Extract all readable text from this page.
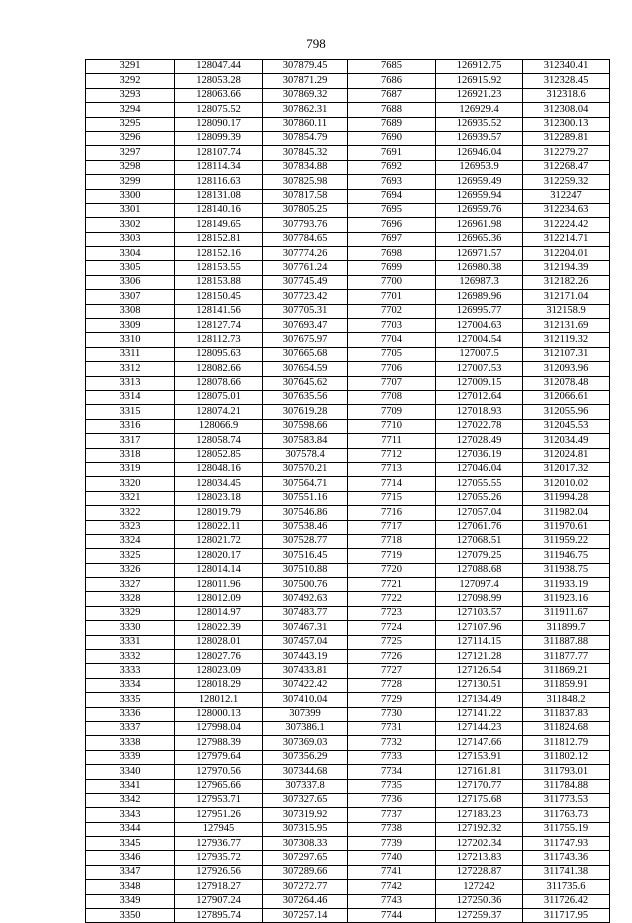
798
3291	128047.44	307879.45	7685	126912.75	312340.41
3292	128053.28	307871.29	7686	126915.92	312328.45
3293	128063.66	307869.32	7687	126921.23	312318.6
3294	128075.52	307862.31	7688	126929.4	312308.04
3295	128090.17	307860.11	7689	126935.52	312300.13
3296	128099.39	307854.79	7690	126939.57	312289.81
3297	128107.74	307845.32	7691	126946.04	312279.27
3298	128114.34	307834.88	7692	126953.9	312268.47
3299	128116.63	307825.98	7693	126959.49	312259.32
3300	128131.08	307817.58	7694	126959.94	312247
3301	128140.16	307805.25	7695	126959.76	312234.63
3302	128149.65	307793.76	7696	126961.98	312224.42
3303	128152.81	307784.65	7697	126965.36	312214.71
3304	128152.16	307774.26	7698	126971.57	312204.01
3305	128153.55	307761.24	7699	126980.38	312194.39
3306	128153.88	307745.49	7700	126987.3	312182.26
3307	128150.45	307723.42	7701	126989.96	312171.04
3308	128141.56	307705.31	7702	126995.77	312158.9
3309	128127.74	307693.47	7703	127004.63	312131.69
3310	128112.73	307675.97	7704	127004.54	312119.32
3311	128095.63	307665.68	7705	127007.5	312107.31
3312	128082.66	307654.59	7706	127007.53	312093.96
3313	128078.66	307645.62	7707	127009.15	312078.48
3314	128075.01	307635.56	7708	127012.64	312066.61
3315	128074.21	307619.28	7709	127018.93	312055.96
3316	128066.9	307598.66	7710	127022.78	312045.53
3317	128058.74	307583.84	7711	127028.49	312034.49
3318	128052.85	307578.4	7712	127036.19	312024.81
3319	128048.16	307570.21	7713	127046.04	312017.32
3320	128034.45	307564.71	7714	127055.55	312010.02
3321	128023.18	307551.16	7715	127055.26	311994.28
3322	128019.79	307546.86	7716	127057.04	311982.04
3323	128022.11	307538.46	7717	127061.76	311970.61
3324	128021.72	307528.77	7718	127068.51	311959.22
3325	128020.17	307516.45	7719	127079.25	311946.75
3326	128014.14	307510.88	7720	127088.68	311938.75
3327	128011.96	307500.76	7721	127097.4	311933.19
3328	128012.09	307492.63	7722	127098.99	311923.16
3329	128014.97	307483.77	7723	127103.57	311911.67
3330	128022.39	307467.31	7724	127107.96	311899.7
3331	128028.01	307457.04	7725	127114.15	311887.88
3332	128027.76	307443.19	7726	127121.28	311877.77
3333	128023.09	307433.81	7727	127126.54	311869.21
3334	128018.29	307422.42	7728	127130.51	311859.91
3335	128012.1	307410.04	7729	127134.49	311848.2
3336	128000.13	307399	7730	127141.22	311837.83
3337	127998.04	307386.1	7731	127144.23	311824.68
3338	127988.39	307369.03	7732	127147.66	311812.79
3339	127979.64	307356.29	7733	127153.91	311802.12
3340	127970.56	307344.68	7734	127161.81	311793.01
3341	127965.66	307337.8	7735	127170.77	311784.88
3342	127953.71	307327.65	7736	127175.68	311773.53
3343	127951.26	307319.92	7737	127183.23	311763.73
3344	127945	307315.95	7738	127192.32	311755.19
3345	127936.77	307308.33	7739	127202.34	311747.93
3346	127935.72	307297.65	7740	127213.83	311743.36
3347	127926.56	307289.66	7741	127228.87	311741.38
3348	127918.27	307272.77	7742	127242	311735.6
3349	127907.24	307264.46	7743	127250.36	311726.42
3350	127895.74	307257.14	7744	127259.37	311717.95
